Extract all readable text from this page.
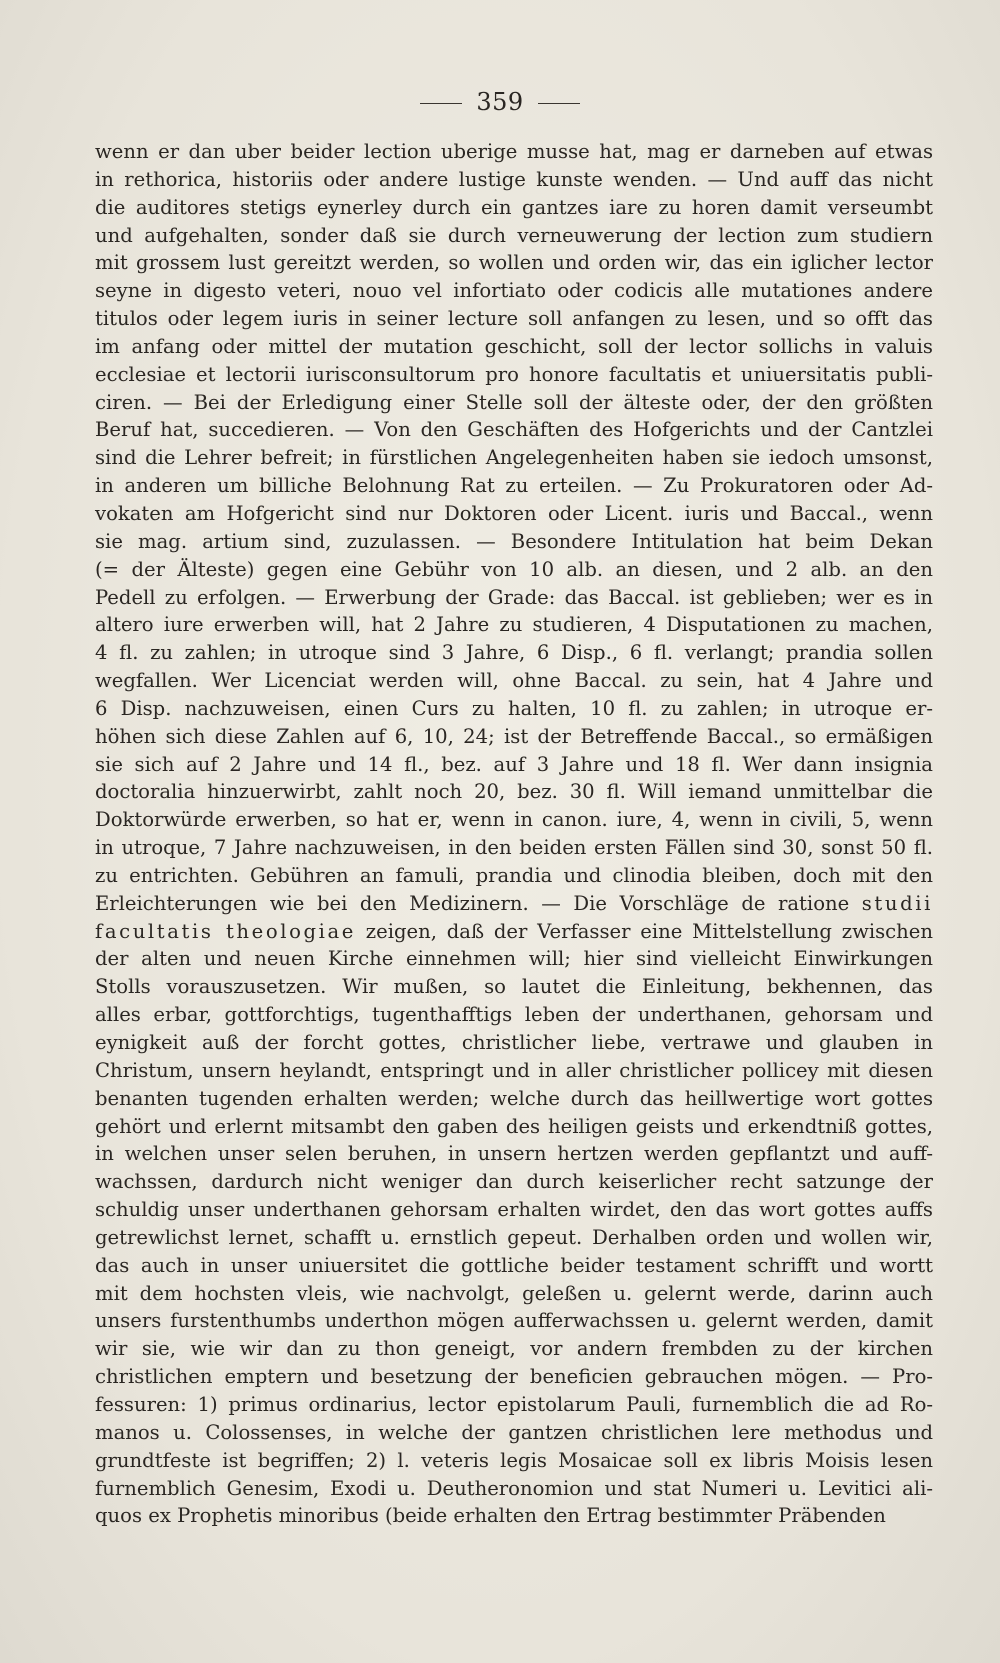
359
wenn er dan uber beider lection uberige musse hat, mag er darneben auf etwas
in rethorica, historiis oder andere lustige kunste wenden. — Und auff das nicht
die auditores stetigs eynerley durch ein gantzes iare zu horen damit verseumbt
und aufgehalten, sonder daß sie durch verneuwerung der lection zum studiern
mit grossem lust gereitzt werden, so wollen und orden wir, das ein iglicher lector
seyne in digesto veteri, nouo vel infortiato oder codicis alle mutationes andere
titulos oder legem iuris in seiner lecture soll anfangen zu lesen, und so offt das
im anfang oder mittel der mutation geschicht, soll der lector sollichs in valuis
ecclesiae et lectorii iurisconsultorum pro honore facultatis et uniuersitatis publi-
ciren. — Bei der Erledigung einer Stelle soll der älteste oder, der den größten
Beruf hat, succedieren. — Von den Geschäften des Hofgerichts und der Cantzlei
sind die Lehrer befreit; in fürstlichen Angelegenheiten haben sie iedoch umsonst,
in anderen um billiche Belohnung Rat zu erteilen. — Zu Prokuratoren oder Ad-
vokaten am Hofgericht sind nur Doktoren oder Licent. iuris und Baccal., wenn
sie mag. artium sind, zuzulassen. — Besondere Intitulation hat beim Dekan
(= der Älteste) gegen eine Gebühr von 10 alb. an diesen, und 2 alb. an den
Pedell zu erfolgen. — Erwerbung der Grade: das Baccal. ist geblieben; wer es in
altero iure erwerben will, hat 2 Jahre zu studieren, 4 Disputationen zu machen,
4 fl. zu zahlen; in utroque sind 3 Jahre, 6 Disp., 6 fl. verlangt; prandia sollen
wegfallen. Wer Licenciat werden will, ohne Baccal. zu sein, hat 4 Jahre und
6 Disp. nachzuweisen, einen Curs zu halten, 10 fl. zu zahlen; in utroque er-
höhen sich diese Zahlen auf 6, 10, 24; ist der Betreffende Baccal., so ermäßigen
sie sich auf 2 Jahre und 14 fl., bez. auf 3 Jahre und 18 fl. Wer dann insignia
doctoralia hinzuerwirbt, zahlt noch 20, bez. 30 fl. Will iemand unmittelbar die
Doktorwürde erwerben, so hat er, wenn in canon. iure, 4, wenn in civili, 5, wenn
in utroque, 7 Jahre nachzuweisen, in den beiden ersten Fällen sind 30, sonst 50 fl.
zu entrichten. Gebühren an famuli, prandia und clinodia bleiben, doch mit den
Erleichterungen wie bei den Medizinern. — Die Vorschläge de ratione studii
facultatis theologiae zeigen, daß der Verfasser eine Mittelstellung zwischen
der alten und neuen Kirche einnehmen will; hier sind vielleicht Einwirkungen
Stolls vorauszusetzen. Wir mußen, so lautet die Einleitung, bekhennen, das
alles erbar, gottforchtigs, tugenthafftigs leben der underthanen, gehorsam und
eynigkeit auß der forcht gottes, christlicher liebe, vertrawe und glauben in
Christum, unsern heylandt, entspringt und in aller christlicher pollicey mit diesen
benanten tugenden erhalten werden; welche durch das heillwertige wort gottes
gehört und erlernt mitsambt den gaben des heiligen geists und erkendtniß gottes,
in welchen unser selen beruhen, in unsern hertzen werden gepflantzt und auff-
wachssen, dardurch nicht weniger dan durch keiserlicher recht satzunge der
schuldig unser underthanen gehorsam erhalten wirdet, den das wort gottes auffs
getrewlichst lernet, schafft u. ernstlich gepeut. Derhalben orden und wollen wir,
das auch in unser uniuersitet die gottliche beider testament schrifft und wortt
mit dem hochsten vleis, wie nachvolgt, geleßen u. gelernt werde, darinn auch
unsers furstenthumbs underthon mögen aufferwachssen u. gelernt werden, damit
wir sie, wie wir dan zu thon geneigt, vor andern frembden zu der kirchen
christlichen emptern und besetzung der beneficien gebrauchen mögen. — Pro-
fessuren: 1) primus ordinarius, lector epistolarum Pauli, furnemblich die ad Ro-
manos u. Colossenses, in welche der gantzen christlichen lere methodus und
grundtfeste ist begriffen; 2) l. veteris legis Mosaicae soll ex libris Moisis lesen
furnemblich Genesim, Exodi u. Deutheronomion und stat Numeri u. Levitici ali-
quos ex Prophetis minoribus (beide erhalten den Ertrag bestimmter Präbenden
